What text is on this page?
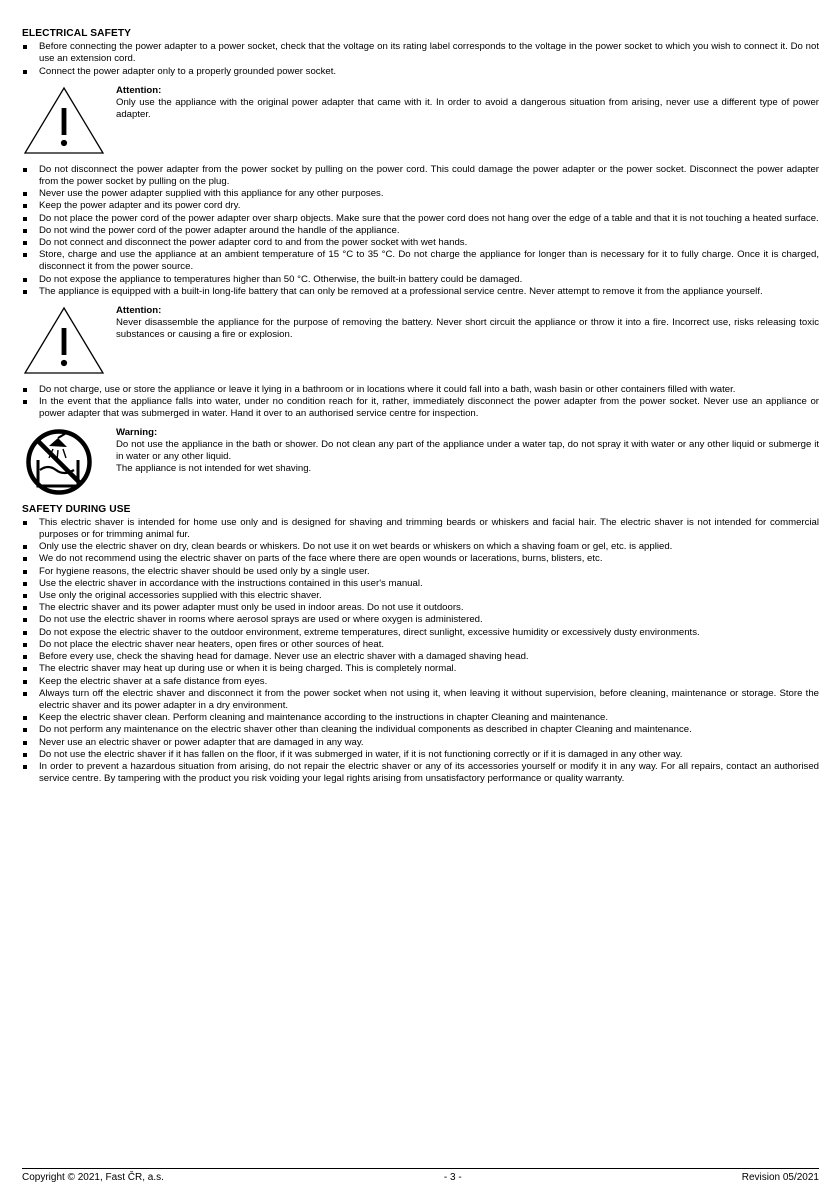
ELECTRICAL SAFETY
Before connecting the power adapter to a power socket, check that the voltage on its rating label corresponds to the voltage in the power socket to which you wish to connect it. Do not use an extension cord.
Connect the power adapter only to a properly grounded power socket.
Attention:
Only use the appliance with the original power adapter that came with it. In order to avoid a dangerous situation from arising, never use a different type of power adapter.
Do not disconnect the power adapter from the power socket by pulling on the power cord. This could damage the power adapter or the power socket. Disconnect the power adapter from the power socket by pulling on the plug.
Never use the power adapter supplied with this appliance for any other purposes.
Keep the power adapter and its power cord dry.
Do not place the power cord of the power adapter over sharp objects. Make sure that the power cord does not hang over the edge of a table and that it is not touching a heated surface.
Do not wind the power cord of the power adapter around the handle of the appliance.
Do not connect and disconnect the power adapter cord to and from the power socket with wet hands.
Store, charge and use the appliance at an ambient temperature of 15 °C to 35 °C. Do not charge the appliance for longer than is necessary for it to fully charge. Once it is charged, disconnect it from the power source.
Do not expose the appliance to temperatures higher than 50 °C. Otherwise, the built-in battery could be damaged.
The appliance is equipped with a built-in long-life battery that can only be removed at a professional service centre. Never attempt to remove it from the appliance yourself.
Attention:
Never disassemble the appliance for the purpose of removing the battery. Never short circuit the appliance or throw it into a fire. Incorrect use, risks releasing toxic substances or causing a fire or explosion.
Do not charge, use or store the appliance or leave it lying in a bathroom or in locations where it could fall into a bath, wash basin or other containers filled with water.
In the event that the appliance falls into water, under no condition reach for it, rather, immediately disconnect the power adapter from the power socket. Never use an appliance or power adapter that was submerged in water. Hand it over to an authorised service centre for inspection.
Warning:
Do not use the appliance in the bath or shower. Do not clean any part of the appliance under a water tap, do not spray it with water or any other liquid or submerge it in water or any other liquid.
The appliance is not intended for wet shaving.
SAFETY DURING USE
This electric shaver is intended for home use only and is designed for shaving and trimming beards or whiskers and facial hair. The electric shaver is not intended for commercial purposes or for trimming animal fur.
Only use the electric shaver on dry, clean beards or whiskers. Do not use it on wet beards or whiskers on which a shaving foam or gel, etc. is applied.
We do not recommend using the electric shaver on parts of the face where there are open wounds or lacerations, burns, blisters, etc.
For hygiene reasons, the electric shaver should be used only by a single user.
Use the electric shaver in accordance with the instructions contained in this user's manual.
Use only the original accessories supplied with this electric shaver.
The electric shaver and its power adapter must only be used in indoor areas. Do not use it outdoors.
Do not use the electric shaver in rooms where aerosol sprays are used or where oxygen is administered.
Do not expose the electric shaver to the outdoor environment, extreme temperatures, direct sunlight, excessive humidity or excessively dusty environments.
Do not place the electric shaver near heaters, open fires or other sources of heat.
Before every use, check the shaving head for damage. Never use an electric shaver with a damaged shaving head.
The electric shaver may heat up during use or when it is being charged. This is completely normal.
Keep the electric shaver at a safe distance from eyes.
Always turn off the electric shaver and disconnect it from the power socket when not using it, when leaving it without supervision, before cleaning, maintenance or storage. Store the electric shaver and its power adapter in a dry environment.
Keep the electric shaver clean. Perform cleaning and maintenance according to the instructions in chapter Cleaning and maintenance.
Do not perform any maintenance on the electric shaver other than cleaning the individual components as described in chapter Cleaning and maintenance.
Never use an electric shaver or power adapter that are damaged in any way.
Do not use the electric shaver if it has fallen on the floor, if it was submerged in water, if it is not functioning correctly or if it is damaged in any other way.
In order to prevent a hazardous situation from arising, do not repair the electric shaver or any of its accessories yourself or modify it in any way. For all repairs, contact an authorised service centre. By tampering with the product you risk voiding your legal rights arising from unsatisfactory performance or quality warranty.
Copyright © 2021, Fast ČR, a.s.	- 3 -	Revision 05/2021
